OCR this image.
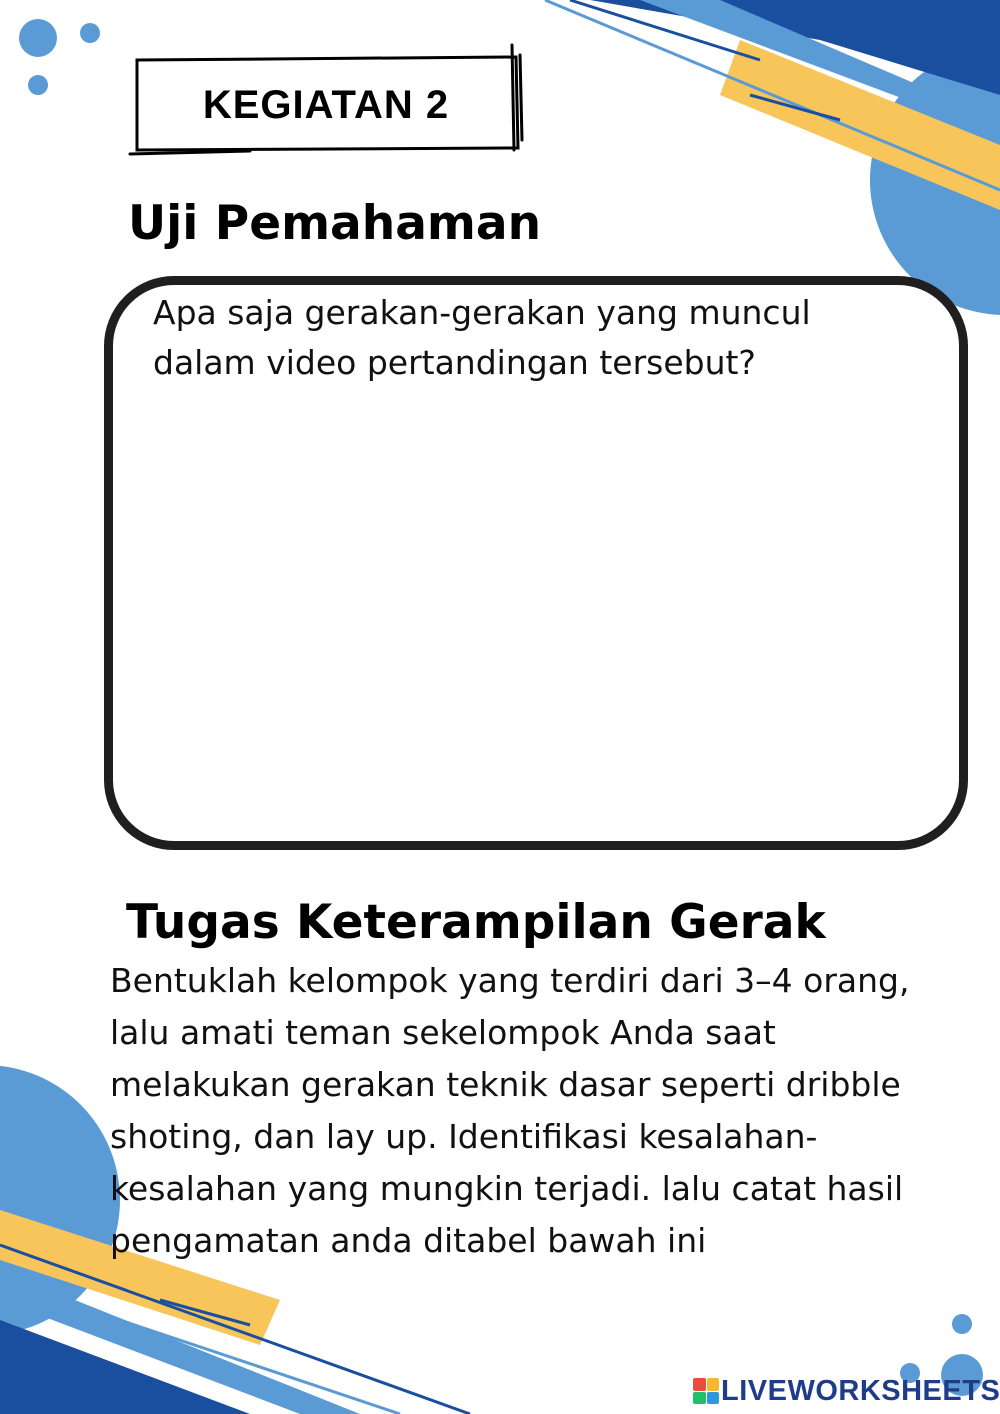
KEGIATAN 2
Uji Pemahaman
Apa saja gerakan-gerakan yang muncul
dalam video pertandingan tersebut?
Tugas Keterampilan Gerak
Bentuklah kelompok yang terdiri dari 3–4 orang,
lalu amati teman sekelompok Anda saat
melakukan gerakan teknik dasar seperti dribble
shoting, dan lay up. Identifikasi kesalahan-
kesalahan yang mungkin terjadi. lalu catat hasil
pengamatan anda ditabel bawah ini
LIVEWORKSHEETS
